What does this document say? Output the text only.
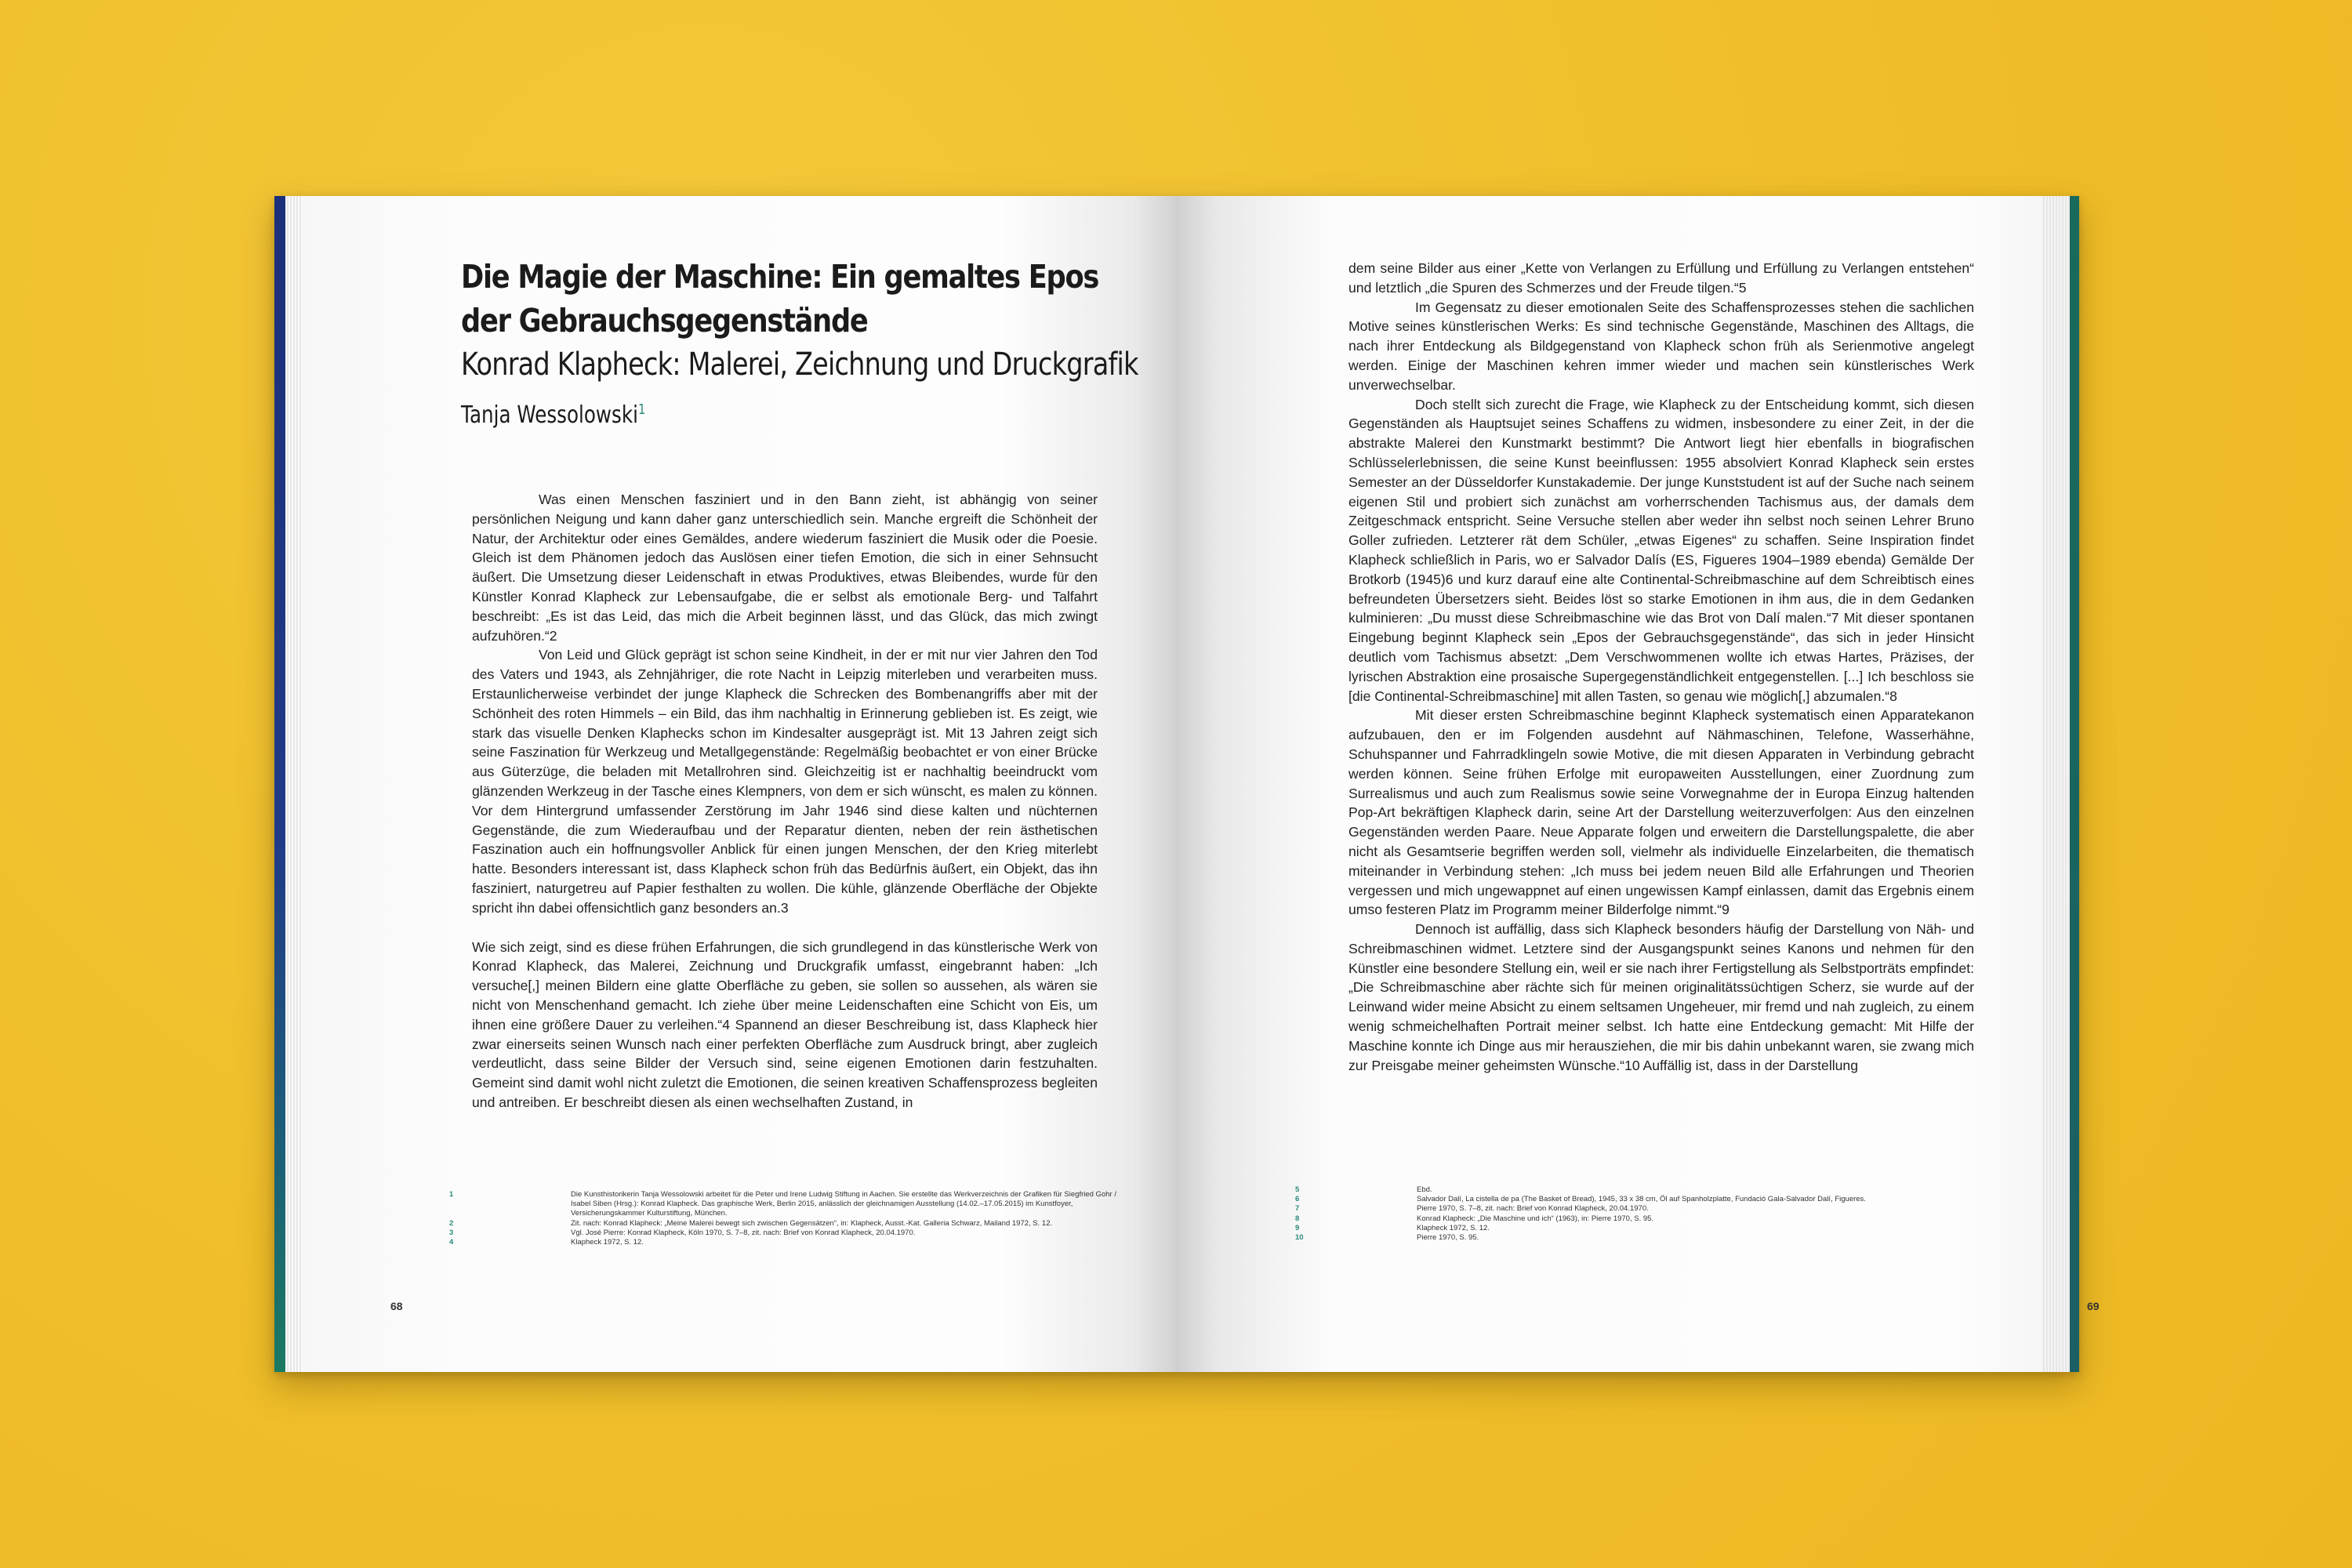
Die Magie der Maschine: Ein gemaltes Epos
der Gebrauchsgegenstände
Konrad Klapheck: Malerei, Zeichnung und Druckgrafik
Tanja Wessolowski$^1$

Was einen Menschen fasziniert und in den Bann zieht, ist abhängig von seiner persönlichen Neigung und kann daher ganz unterschiedlich sein. Manche ergreift die Schönheit der Natur, der Architektur oder eines Gemäldes, andere wiederum fasziniert die Musik oder die Poesie. Gleich ist dem Phänomen jedoch das Auslösen einer tiefen Emotion, die sich in einer Sehnsucht äußert. Die Umsetzung dieser Leidenschaft in etwas Produktives, etwas Bleibendes, wurde für den Künstler Konrad Klapheck zur Lebensaufgabe, die er selbst als emotionale Berg- und Talfahrt beschreibt: „Es ist das Leid, das mich die Arbeit beginnen lässt, und das Glück, das mich zwingt aufzuhören.“2

Von Leid und Glück geprägt ist schon seine Kindheit, in der er mit nur vier Jahren den Tod des Vaters und 1943, als Zehnjähriger, die rote Nacht in Leipzig miterleben und verarbeiten muss. Erstaunlicherweise verbindet der junge Klapheck die Schrecken des Bombenangriffs aber mit der Schönheit des roten Himmels – ein Bild, das ihm nachhaltig in Erinnerung geblieben ist. Es zeigt, wie stark das visuelle Denken Klaphecks schon im Kindesalter ausgeprägt ist. Mit 13 Jahren zeigt sich seine Faszination für Werkzeug und Metallgegenstände: Regelmäßig beobachtet er von einer Brücke aus Güterzüge, die beladen mit Metallrohren sind. Gleichzeitig ist er nachhaltig beeindruckt vom glänzenden Werkzeug in der Tasche eines Klempners, von dem er sich wünscht, es malen zu können. Vor dem Hintergrund umfassender Zerstörung im Jahr 1946 sind diese kalten und nüchternen Gegenstände, die zum Wiederaufbau und der Reparatur dienten, neben der rein ästhetischen Faszination auch ein hoffnungsvoller Anblick für einen jungen Menschen, der den Krieg miterlebt hatte. Besonders interessant ist, dass Klapheck schon früh das Bedürfnis äußert, ein Objekt, das ihn fasziniert, naturgetreu auf Papier festhalten zu wollen. Die kühle, glänzende Oberfläche der Objekte spricht ihn dabei offensichtlich ganz besonders an.3

Wie sich zeigt, sind es diese frühen Erfahrungen, die sich grundlegend in das künstlerische Werk von Konrad Klapheck, das Malerei, Zeichnung und Druckgrafik umfasst, eingebrannt haben: „Ich versuche[,] meinen Bildern eine glatte Oberfläche zu geben, sie sollen so aussehen, als wären sie nicht von Menschenhand gemacht. Ich ziehe über meine Leidenschaften eine Schicht von Eis, um ihnen eine größere Dauer zu verleihen.“4 Spannend an dieser Beschreibung ist, dass Klapheck hier zwar einerseits seinen Wunsch nach einer perfekten Oberfläche zum Ausdruck bringt, aber zugleich verdeutlicht, dass seine Bilder der Versuch sind, seine eigenen Emotionen darin festzuhalten. Gemeint sind damit wohl nicht zuletzt die Emotionen, die seinen kreativen Schaffensprozess begleiten und antreiben. Er beschreibt diesen als einen wechselhaften Zustand, in

1	Die Kunsthistorikerin Tanja Wessolowski arbeitet für die Peter und Irene Ludwig Stiftung in Aachen. Sie erstellte das Werkverzeichnis der Grafiken für Siegfried Gohr / Isabel Siben (Hrsg.): Konrad Klapheck. Das graphische Werk, Berlin 2015, anlässlich der gleichnamigen Ausstellung (14.02.–17.05.2015) im Kunstfoyer, Versicherungskammer Kulturstiftung, München.
2	Zit. nach: Konrad Klapheck: „Meine Malerei bewegt sich zwischen Gegensätzen“, in: Klapheck, Ausst.-Kat. Galleria Schwarz, Mailand 1972, S. 12.
3	Vgl. José Pierre: Konrad Klapheck, Köln 1970, S. 7–8, zit. nach: Brief von Konrad Klapheck, 20.04.1970.
4	Klapheck 1972, S. 12.
68

dem seine Bilder aus einer „Kette von Verlangen zu Erfüllung und Erfüllung zu Verlangen entstehen“ und letztlich „die Spuren des Schmerzes und der Freude tilgen.“5

Im Gegensatz zu dieser emotionalen Seite des Schaffensprozesses stehen die sachlichen Motive seines künstlerischen Werks: Es sind technische Gegenstände, Maschinen des Alltags, die nach ihrer Entdeckung als Bildgegenstand von Klapheck schon früh als Serienmotive angelegt werden. Einige der Maschinen kehren immer wieder und machen sein künstlerisches Werk unverwechselbar.

Doch stellt sich zurecht die Frage, wie Klapheck zu der Entscheidung kommt, sich diesen Gegenständen als Hauptsujet seines Schaffens zu widmen, insbesondere zu einer Zeit, in der die abstrakte Malerei den Kunstmarkt bestimmt? Die Antwort liegt hier ebenfalls in biografischen Schlüsselerlebnissen, die seine Kunst beeinflussen: 1955 absolviert Konrad Klapheck sein erstes Semester an der Düsseldorfer Kunstakademie. Der junge Kunststudent ist auf der Suche nach seinem eigenen Stil und probiert sich zunächst am vorherrschenden Tachismus aus, der damals dem Zeitgeschmack entspricht. Seine Versuche stellen aber weder ihn selbst noch seinen Lehrer Bruno Goller zufrieden. Letzterer rät dem Schüler, „etwas Eigenes“ zu schaffen. Seine Inspiration findet Klapheck schließlich in Paris, wo er Salvador Dalís (ES, Figueres 1904–1989 ebenda) Gemälde Der Brotkorb (1945)6 und kurz darauf eine alte Continental-Schreibmaschine auf dem Schreibtisch eines befreundeten Übersetzers sieht. Beides löst so starke Emotionen in ihm aus, die in dem Gedanken kulminieren: „Du musst diese Schreibmaschine wie das Brot von Dalí malen.“7 Mit dieser spontanen Eingebung beginnt Klapheck sein „Epos der Gebrauchsgegenstände“, das sich in jeder Hinsicht deutlich vom Tachismus absetzt: „Dem Verschwommenen wollte ich etwas Hartes, Präzises, der lyrischen Abstraktion eine prosaische Supergegenständlichkeit entgegenstellen. [...] Ich beschloss sie [die Continental-Schreibmaschine] mit allen Tasten, so genau wie möglich[,] abzumalen.“8

Mit dieser ersten Schreibmaschine beginnt Klapheck systematisch einen Apparatekanon aufzubauen, den er im Folgenden ausdehnt auf Nähmaschinen, Telefone, Wasserhähne, Schuhspanner und Fahrradklingeln sowie Motive, die mit diesen Apparaten in Verbindung gebracht werden können. Seine frühen Erfolge mit europaweiten Ausstellungen, einer Zuordnung zum Surrealismus und auch zum Realismus sowie seine Vorwegnahme der in Europa Einzug haltenden Pop-Art bekräftigen Klapheck darin, seine Art der Darstellung weiterzuverfolgen: Aus den einzelnen Gegenständen werden Paare. Neue Apparate folgen und erweitern die Darstellungspalette, die aber nicht als Gesamtserie begriffen werden soll, vielmehr als individuelle Einzelarbeiten, die thematisch miteinander in Verbindung stehen: „Ich muss bei jedem neuen Bild alle Erfahrungen und Theorien vergessen und mich ungewappnet auf einen ungewissen Kampf einlassen, damit das Ergebnis einem umso festeren Platz im Programm meiner Bilderfolge nimmt.“9

Dennoch ist auffällig, dass sich Klapheck besonders häufig der Darstellung von Näh- und Schreibmaschinen widmet. Letztere sind der Ausgangspunkt seines Kanons und nehmen für den Künstler eine besondere Stellung ein, weil er sie nach ihrer Fertigstellung als Selbstporträts empfindet: „Die Schreibmaschine aber rächte sich für meinen originalitätssüchtigen Scherz, sie wurde auf der Leinwand wider meine Absicht zu einem seltsamen Ungeheuer, mir fremd und nah zugleich, zu einem wenig schmeichelhaften Portrait meiner selbst. Ich hatte eine Entdeckung gemacht: Mit Hilfe der Maschine konnte ich Dinge aus mir herausziehen, die mir bis dahin unbekannt waren, sie zwang mich zur Preisgabe meiner geheimsten Wünsche.“10 Auffällig ist, dass in der Darstellung

5	Ebd.
6	Salvador Dalí, La cistella de pa (The Basket of Bread), 1945, 33 x 38 cm, Öl auf Spanholzplatte, Fundació Gala-Salvador Dalí, Figueres.
7	Pierre 1970, S. 7–8, zit. nach: Brief von Konrad Klapheck, 20.04.1970.
8	Konrad Klapheck: „Die Maschine und ich“ (1963), in: Pierre 1970, S. 95.
9	Klapheck 1972, S. 12.
10	Pierre 1970, S. 95.
69
